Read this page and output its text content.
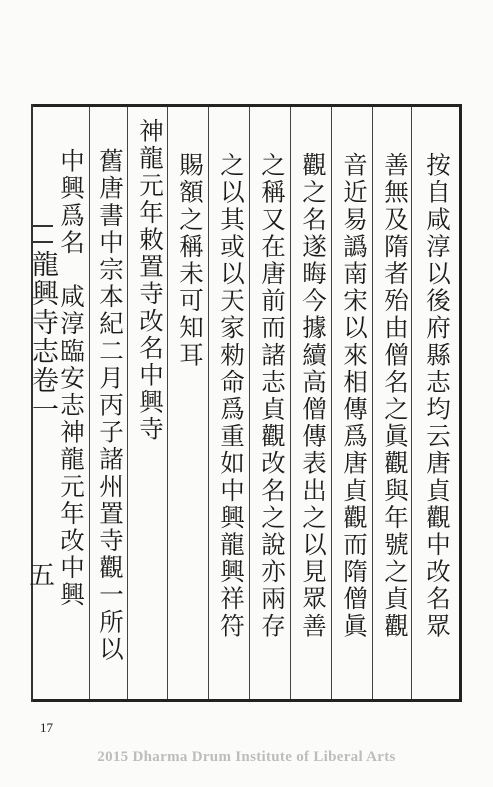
龍興寺志卷一
五	按自咸淳以後府縣志均云唐貞觀中改名眾
善無及隋者殆由僧名之眞觀與年號之貞觀
音近易譌南宋以來相傳爲唐貞觀而隋僧眞
觀之名遂晦今據續高僧傳表出之以見眾善
之稱又在唐前而諸志貞觀改名之說亦兩存
之以其或以天家勑命爲重如中興龍興祥符
賜額之稱未可知耳
神龍元年敕置寺改名中興寺
舊唐書中宗本紀二月丙子諸州置寺觀一所以
中興爲名　咸淳臨安志神龍元年改中興
17
2015 Dharma Drum Institute of Liberal Arts
